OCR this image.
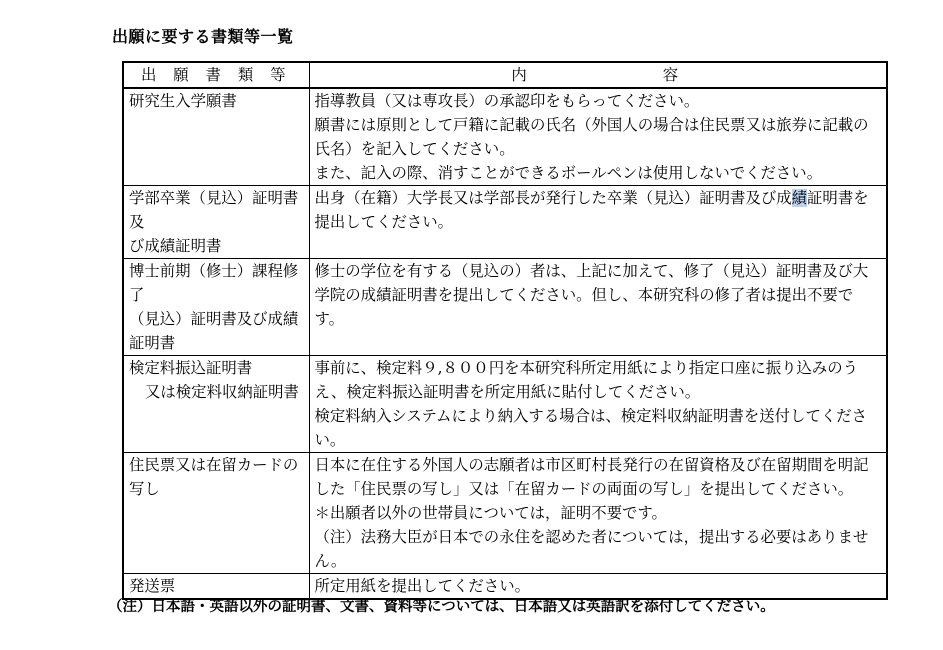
出願に要する書類等一覧
出 願 書 類 等	内 容

研究生入学願書	指導教員（又は専攻長）の承認印をもらってください。
願書には原則として戸籍に記載の氏名（外国人の場合は住民票又は旅券に記載の氏名）を記入してください。
また、記入の際、消すことができるボールペンは使用しないでください。

学部卒業（見込）証明書及
び成績証明書	出身（在籍）大学長又は学部長が発行した卒業（見込）証明書及び成績証明書を提出してください。

博士前期（修士）課程修了
（見込）証明書及び成績
証明書	修士の学位を有する（見込の）者は、上記に加えて、修了（見込）証明書及び大学院の成績証明書を提出してください。但し、本研究科の修了者は提出不要です。

検定料振込証明書
又は検定料収納証明書	事前に、検定料９,８００円を本研究科所定用紙により指定口座に振り込みのうえ、検定料振込証明書を所定用紙に貼付してください。
検定料納入システムにより納入する場合は、検定料収納証明書を送付してください。

住民票又は在留カードの
写し	日本に在住する外国人の志願者は市区町村長発行の在留資格及び在留期間を明記した「住民票の写し」又は「在留カードの両面の写し」を提出してください。
＊出願者以外の世帯員については，証明不要です。
（注）法務大臣が日本での永住を認めた者については，提出する必要はありません。

発送票	所定用紙を提出してください。

（注）日本語・英語以外の証明書、文書、資料等については、日本語又は英語訳を添付してください。
